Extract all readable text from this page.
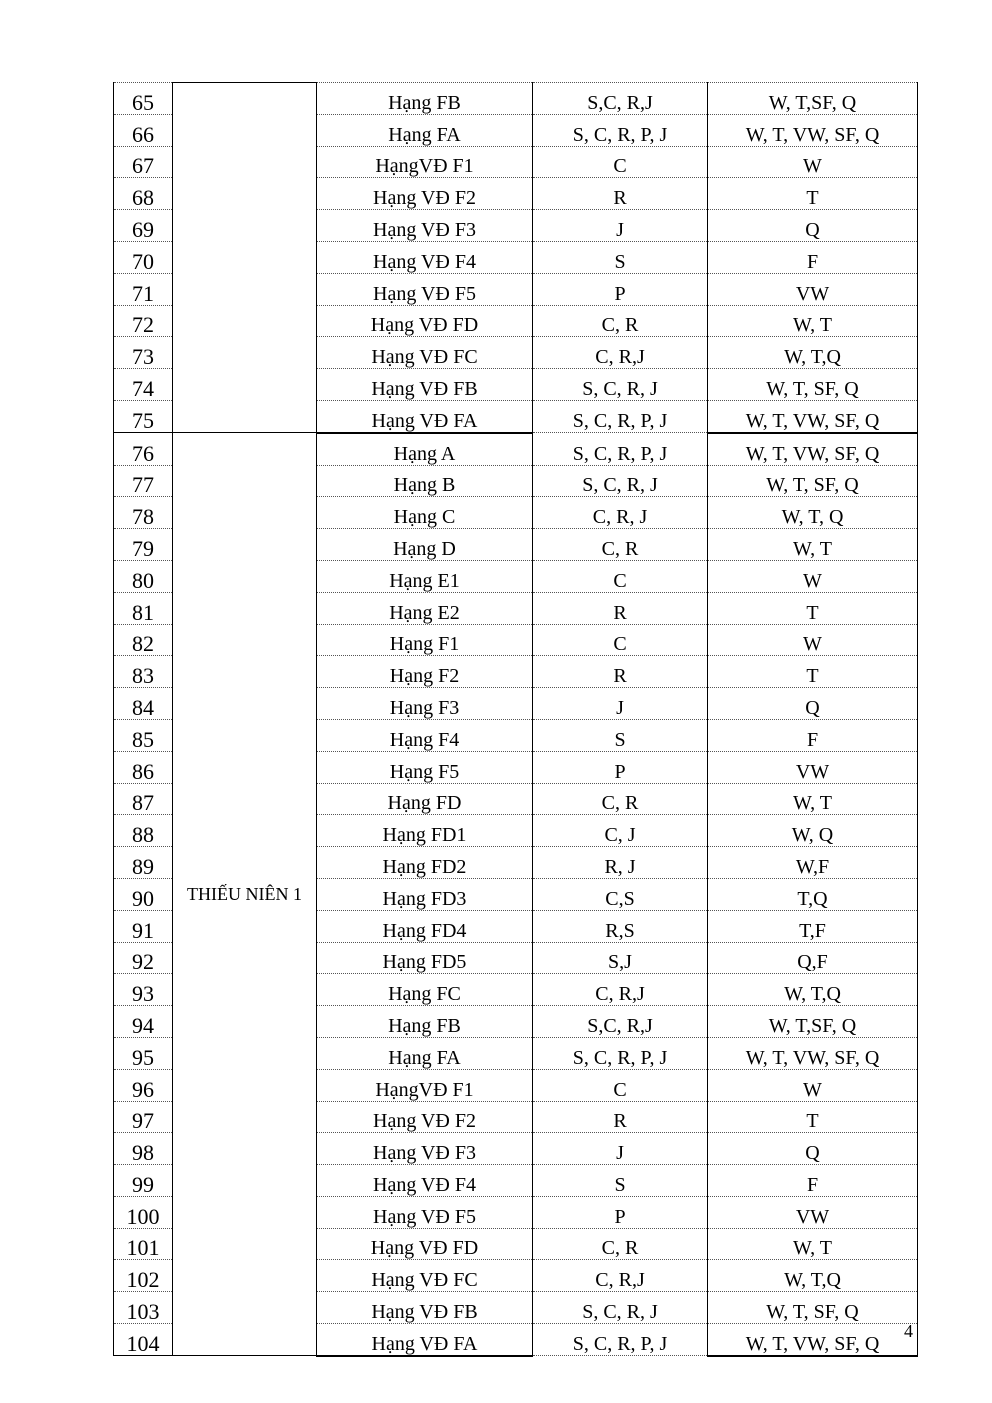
65		Hạng FB	S,C, R,J	W, T,SF, Q
66		Hạng FA	S, C, R, P, J	W, T, VW, SF, Q
67		HạngVĐ F1	C	W
68		Hạng VĐ F2	R	T
69		Hạng VĐ F3	J	Q
70		Hạng VĐ F4	S	F
71		Hạng VĐ F5	P	VW
72		Hạng VĐ FD	C, R	W, T
73		Hạng VĐ FC	C, R,J	W, T,Q
74		Hạng VĐ FB	S, C, R, J	W, T, SF, Q
75		Hạng VĐ FA	S, C, R, P, J	W, T, VW, SF, Q
76	THIẾU NIÊN 1	Hạng A	S, C, R, P, J	W, T, VW, SF, Q
77		Hạng B	S, C, R, J	W, T, SF, Q
78		Hạng C	C, R, J	W, T, Q
79		Hạng D	C, R	W, T
80		Hạng E1	C	W
81		Hạng E2	R	T
82		Hạng F1	C	W
83		Hạng F2	R	T
84		Hạng F3	J	Q
85		Hạng F4	S	F
86		Hạng F5	P	VW
87		Hạng FD	C, R	W, T
88		Hạng FD1	C, J	W, Q
89		Hạng FD2	R, J	W,F
90		Hạng FD3	C,S	T,Q
91		Hạng FD4	R,S	T,F
92		Hạng FD5	S,J	Q,F
93		Hạng FC	C, R,J	W, T,Q
94		Hạng FB	S,C, R,J	W, T,SF, Q
95		Hạng FA	S, C, R, P, J	W, T, VW, SF, Q
96		HạngVĐ F1	C	W
97		Hạng VĐ F2	R	T
98		Hạng VĐ F3	J	Q
99		Hạng VĐ F4	S	F
100		Hạng VĐ F5	P	VW
101		Hạng VĐ FD	C, R	W, T
102		Hạng VĐ FC	C, R,J	W, T,Q
103		Hạng VĐ FB	S, C, R, J	W, T, SF, Q
104		Hạng VĐ FA	S, C, R, P, J	W, T, VW, SF, Q
4
